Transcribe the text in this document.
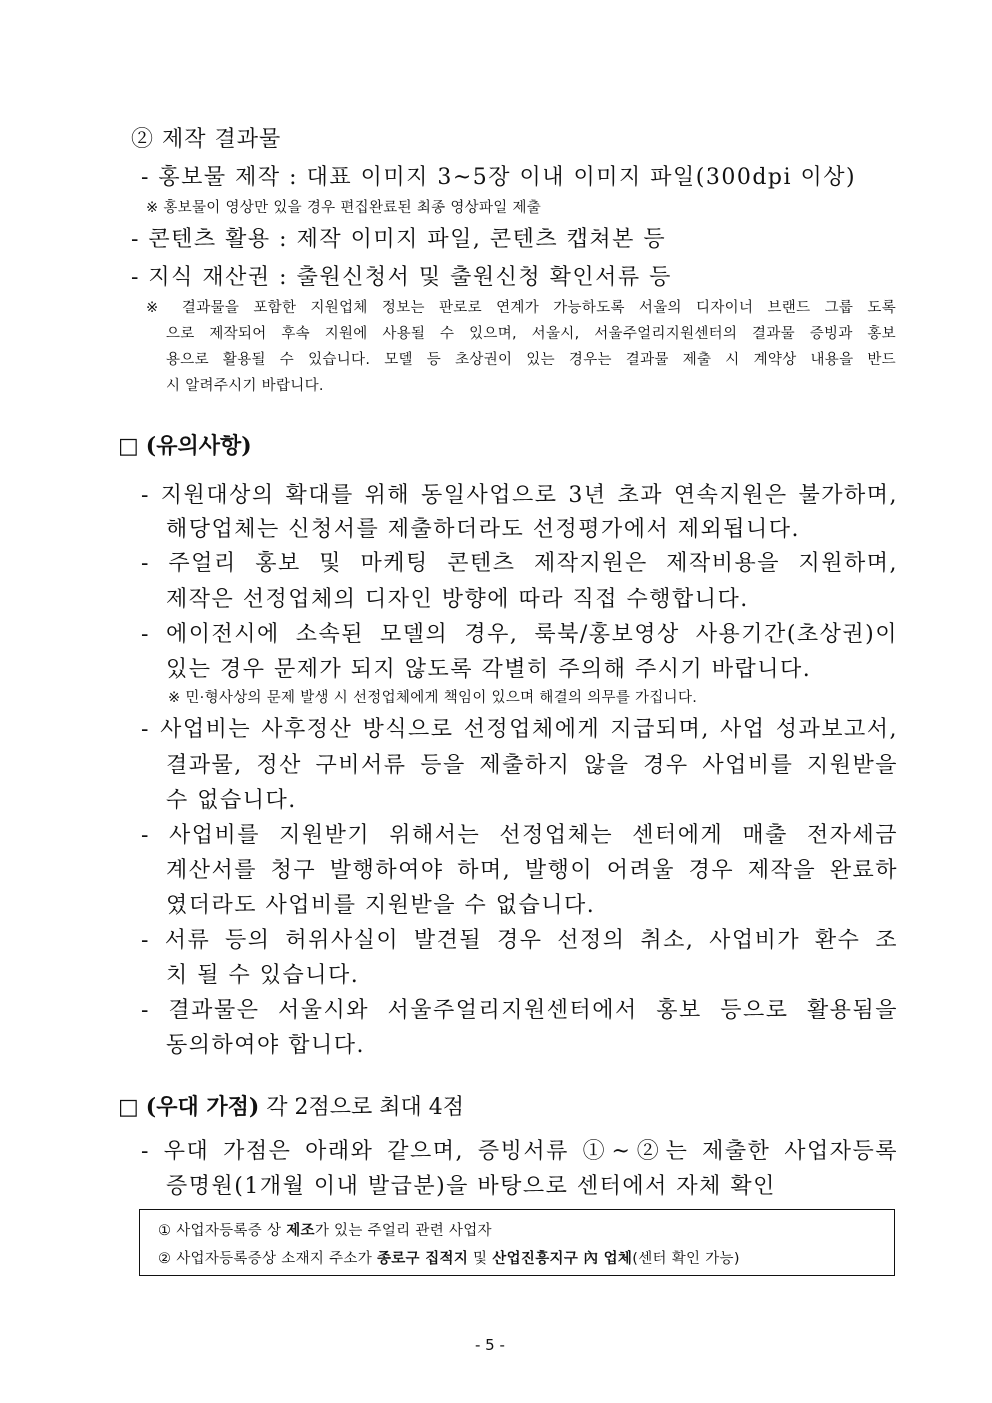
② 제작 결과물
- 홍보물 제작 : 대표 이미지 3~5장 이내 이미지 파일(300dpi 이상)
※ 홍보물이 영상만 있을 경우 편집완료된 최종 영상파일 제출
- 콘텐츠 활용 : 제작 이미지 파일, 콘텐츠 캡쳐본 등
- 지식 재산권 : 출원신청서 및 출원신청 확인서류 등
※ 결과물을 포함한 지원업체 정보는 판로로 연계가 가능하도록 서울의 디자이너 브랜드 그룹 도록
으로 제작되어 후속 지원에 사용될 수 있으며, 서울시, 서울주얼리지원센터의 결과물 증빙과 홍보
용으로 활용될 수 있습니다. 모델 등 초상권이 있는 경우는 결과물 제출 시 계약상 내용을 반드
시 알려주시기 바랍니다.
□ (유의사항)
- 지원대상의 확대를 위해 동일사업으로 3년 초과 연속지원은 불가하며,
해당업체는 신청서를 제출하더라도 선정평가에서 제외됩니다.
- 주얼리 홍보 및 마케팅 콘텐츠 제작지원은 제작비용을 지원하며,
제작은 선정업체의 디자인 방향에 따라 직접 수행합니다.
- 에이전시에 소속된 모델의 경우, 룩북/홍보영상 사용기간(초상권)이
있는 경우 문제가 되지 않도록 각별히 주의해 주시기 바랍니다.
※ 민·형사상의 문제 발생 시 선정업체에게 책임이 있으며 해결의 의무를 가집니다.
- 사업비는 사후정산 방식으로 선정업체에게 지급되며, 사업 성과보고서,
결과물, 정산 구비서류 등을 제출하지 않을 경우 사업비를 지원받을
수 없습니다.
- 사업비를 지원받기 위해서는 선정업체는 센터에게 매출 전자세금
계산서를 청구 발행하여야 하며, 발행이 어려울 경우 제작을 완료하
였더라도 사업비를 지원받을 수 없습니다.
- 서류 등의 허위사실이 발견될 경우 선정의 취소, 사업비가 환수 조
치 될 수 있습니다.
- 결과물은 서울시와 서울주얼리지원센터에서 홍보 등으로 활용됨을
동의하여야 합니다.
□ (우대 가점) 각 2점으로 최대 4점
- 우대 가점은 아래와 같으며, 증빙서류 ①~②는 제출한 사업자등록
증명원(1개월 이내 발급분)을 바탕으로 센터에서 자체 확인
① 사업자등록증 상 제조가 있는 주얼리 관련 사업자
② 사업자등록증상 소재지 주소가 종로구 집적지 및 산업진흥지구 內 업체(센터 확인 가능)
- 5 -
